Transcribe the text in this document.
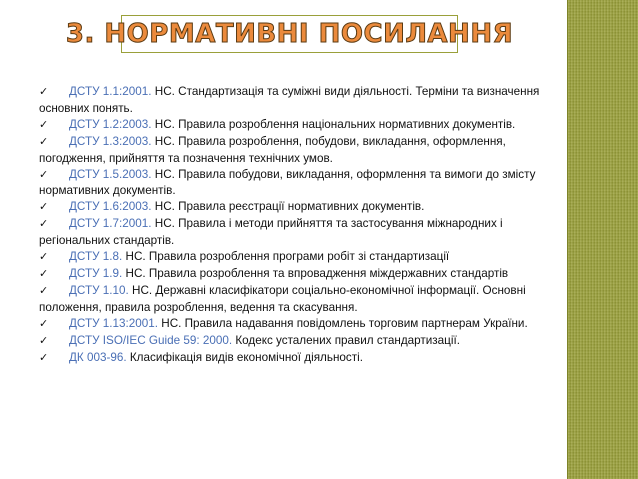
3. НОРМАТИВНІ ПОСИЛАННЯ
✓ ДСТУ 1.1:2001. НС. Стандартизація та суміжні види діяльності. Терміни та визначення основних понять.
✓ ДСТУ 1.2:2003. НС. Правила розроблення національних нормативних документів.
✓ ДСТУ 1.3:2003. НС. Правила розроблення, побудови, викладання, оформлення, погодження, прийняття та позначення технічних умов.
✓ ДСТУ 1.5.2003. НС. Правила побудови, викладання, оформлення та вимоги до змісту нормативних документів.
✓ ДСТУ 1.6:2003. НС. Правила реєстрації нормативних документів.
✓ ДСТУ 1.7:2001. НС. Правила і методи прийняття та застосування міжнародних і регіональних стандартів.
✓ ДСТУ 1.8. НС. Правила розроблення програми робіт зі стандартизації
✓ ДСТУ 1.9. НС. Правила розроблення та впровадження міждержавних стандартів
✓ ДСТУ 1.10. НС. Державні класифікатори соціально-економічної інформації. Основні положення, правила розроблення, ведення та скасування.
✓ ДСТУ 1.13:2001. НС. Правила надавання повідомлень торговим партнерам України.
✓ ДСТУ ISO/IEC Guide 59: 2000. Кодекс усталених правил стандартизації.
✓ ДК 003-96. Класифікація видів економічної діяльності.
